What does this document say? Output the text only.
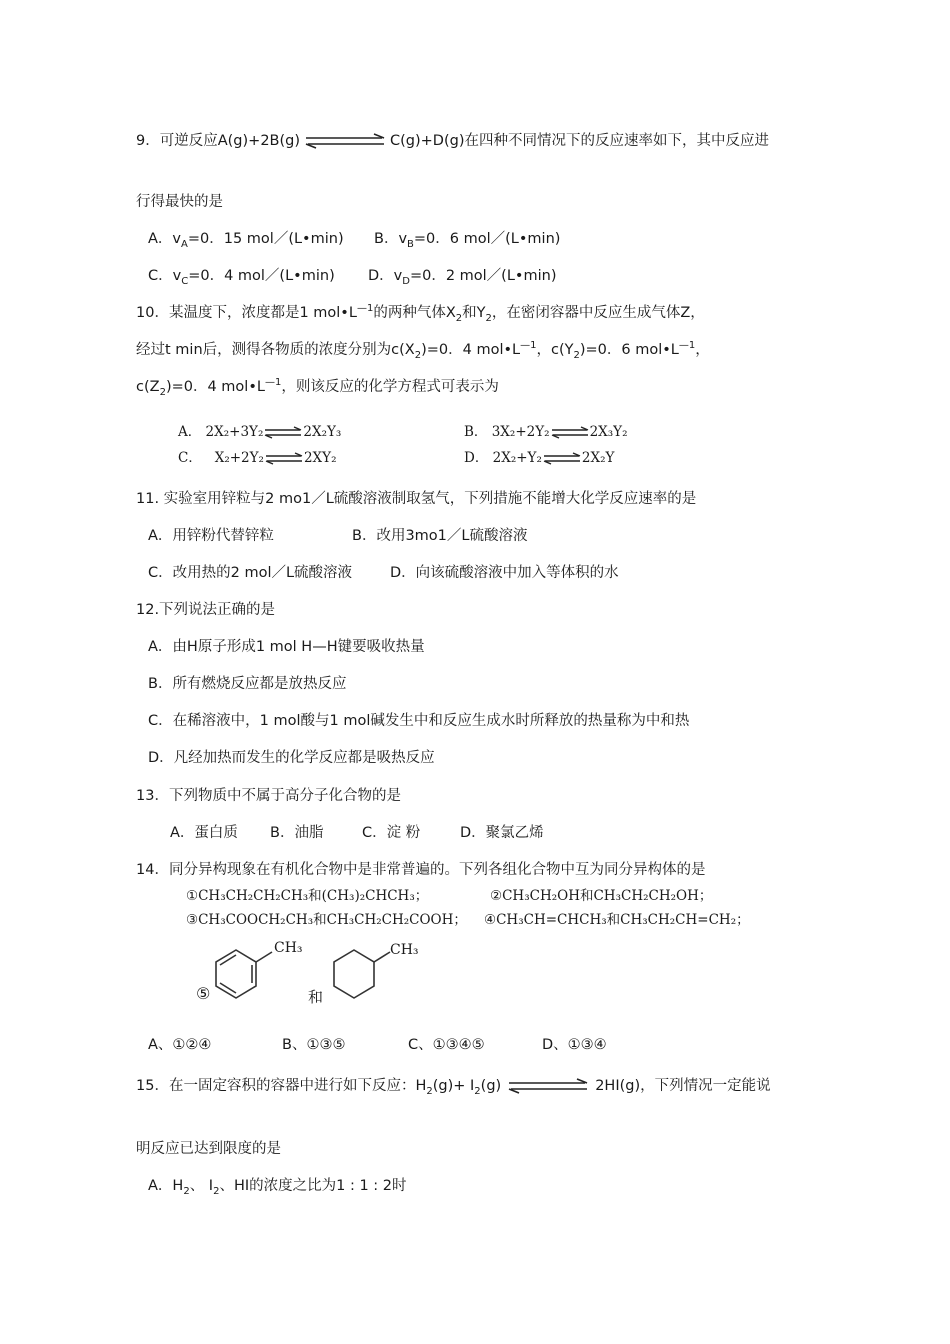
9．可逆反应A(g)+2B(g)	C(g)+D(g)在四种不同情况下的反应速率如下，其中反应进
行得最快的是
A．$v_A=0$．15 mol／(L•min) B．$v_B=0$．6 mol／(L•min)
C．$v_C=0$．4 mol／(L•min) D．$v_D=0$．2 mol／(L•min)
10．某温度下，浓度都是1 $mol•L^{—1}$的两种气体$X_2$和$Y_2$，在密闭容器中反应生成气体Z，
经过t min后，测得各物质的浓度分别为$c(X_2)=0$．4 $mol•L^{—1}$，$c(Y_2)=0$．6 $mol•L^{—1}$，
$c(Z_2)=0$．4 $mol•L^{—1}$，则该反应的化学方程式可表示为
A． 2X₂+3Y₂⇌2X₂Y₃	B． 3X₂+2Y₂⇌2X₃Y₂
C． X₂+2Y₂⇌2XY₂	D． 2X₂+Y₂⇌2X₂Y
11. 实验室用锌粒与2 mo1／L硫酸溶液制取氢气，下列措施不能增大化学反应速率的是
A．用锌粉代替锌粒	B．改用3mo1／L硫酸溶液
C．改用热的2 mol／L硫酸溶液	D．向该硫酸溶液中加入等体积的水
12.下列说法正确的是
A．由H原子形成1 mol H—H键要吸收热量
B．所有燃烧反应都是放热反应
C．在稀溶液中，1 mol酸与1 mol碱发生中和反应生成水时所释放的热量称为中和热
D．凡经加热而发生的化学反应都是吸热反应
13．下列物质中不属于高分子化合物的是
A．蛋白质 B．油脂	C．淀 粉	D．聚氯乙烯
14．同分异构现象在有机化合物中是非常普遍的。下列各组化合物中互为同分异构体的是
①CH₃CH₂CH₂CH₃和(CH₃)₂CHCH₃；	②CH₃CH₂OH和CH₃CH₂CH₂OH；
③CH₃COOCH₂CH₃和CH₃CH₂CH₂COOH； ④CH₃CH=CHCH₃和CH₃CH₂CH=CH₂；
⑤
CH₃
和
CH₃
A、①②④	B、①③⑤	C、①③④⑤	D、①③④
15．在一固定容积的容器中进行如下反应：$H_2(g)+ I_2(g)$	2HI(g)，下列情况一定能说
明反应已达到限度的是
A．$H_2$、 $I_2$、HI的浓度之比为1 : 1 : 2时
